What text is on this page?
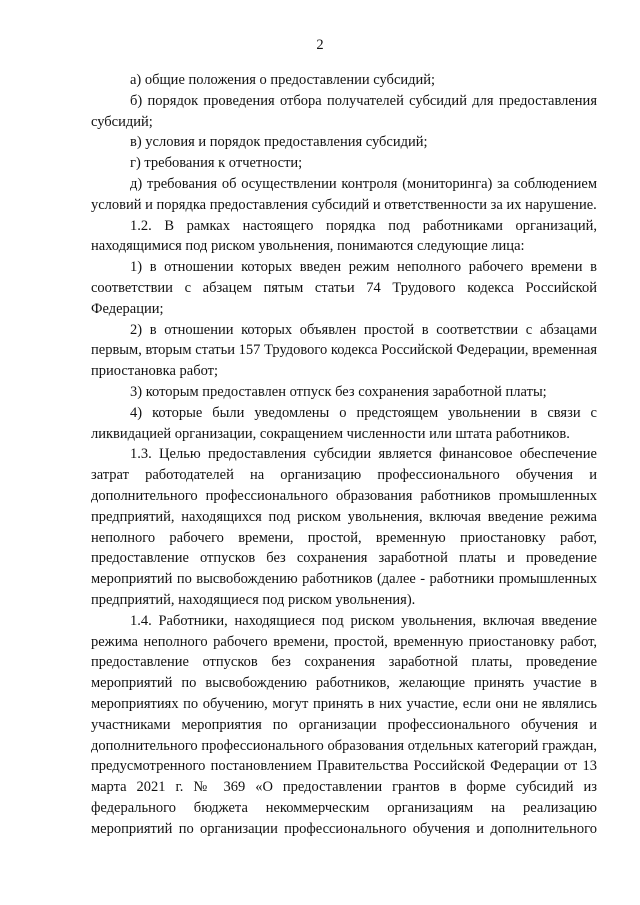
2

а) общие положения о предоставлении субсидий;

б) порядок проведения отбора получателей субсидий для предоставления субсидий;

в) условия и порядок предоставления субсидий;

г) требования к отчетности;

д) требования об осуществлении контроля (мониторинга) за соблюдением условий и порядка предоставления субсидий и ответственности за их нарушение.

1.2. В рамках настоящего порядка под работниками организаций, находящимися под риском увольнения, понимаются следующие лица:

1) в отношении которых введен режим неполного рабочего времени в соответствии с абзацем пятым статьи 74 Трудового кодекса Российской Федерации;

2) в отношении которых объявлен простой в соответствии с абзацами первым, вторым статьи 157 Трудового кодекса Российской Федерации, временная приостановка работ;

3) которым предоставлен отпуск без сохранения заработной платы;

4) которые были уведомлены о предстоящем увольнении в связи с ликвидацией организации, сокращением численности или штата работников.

1.3. Целью предоставления субсидии является финансовое обеспечение затрат работодателей на организацию профессионального обучения и дополнительного профессионального образования работников промышленных предприятий, находящихся под риском увольнения, включая введение режима неполного рабочего времени, простой, временную приостановку работ, предоставление отпусков без сохранения заработной платы и проведение мероприятий по высвобождению работников (далее - работники промышленных предприятий, находящиеся под риском увольнения).

1.4. Работники, находящиеся под риском увольнения, включая введение режима неполного рабочего времени, простой, временную приостановку работ, предоставление отпусков без сохранения заработной платы, проведение мероприятий по высвобождению работников, желающие принять участие в мероприятиях по обучению, могут принять в них участие, если они не являлись участниками мероприятия по организации профессионального обучения и дополнительного профессионального образования отдельных категорий граждан, предусмотренного постановлением Правительства Российской Федерации от 13 марта 2021 г. № 369 «О предоставлении грантов в форме субсидий из федерального бюджета некоммерческим организациям на реализацию мероприятий по организации профессионального обучения и дополнительного
